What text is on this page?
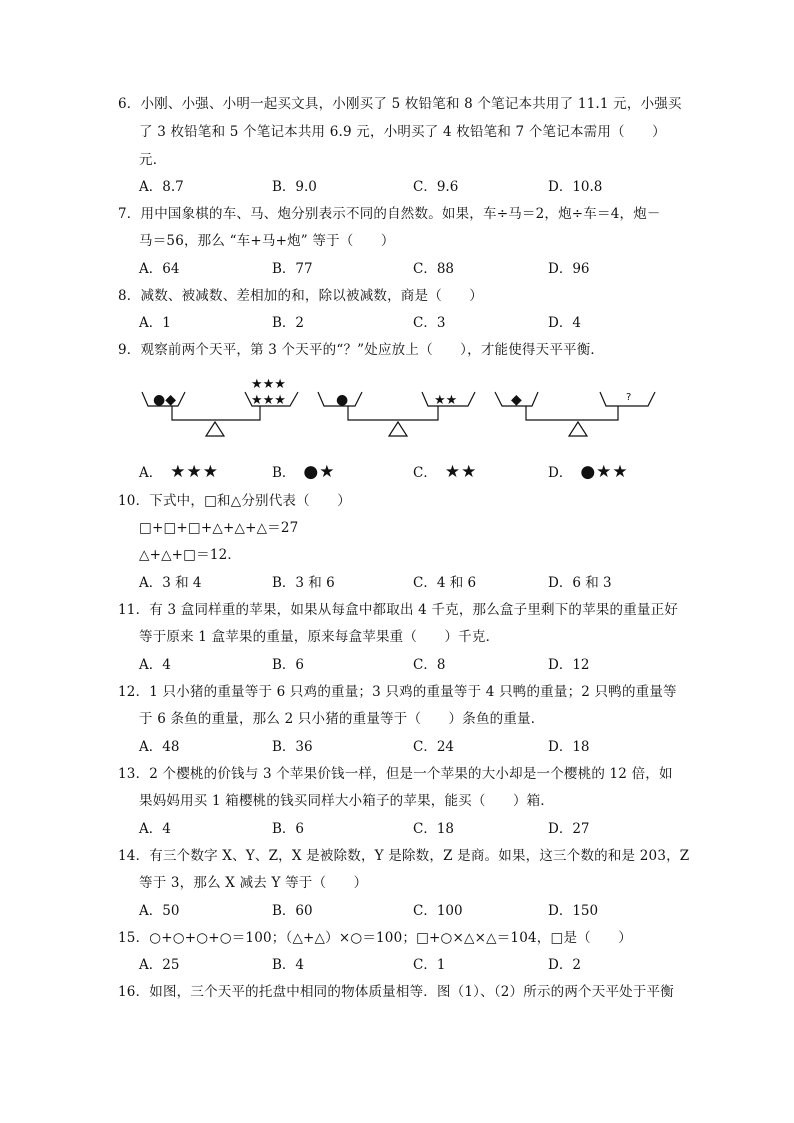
6．小刚、小强、小明一起买文具，小刚买了 5 枚铅笔和 8 个笔记本共用了 11.1 元，小强买
了 3 枚铅笔和 5 个笔记本共用 6.9 元，小明买了 4 枚铅笔和 7 个笔记本需用（　　）
元．
A．8.7	B．9.0	C．9.6	D．10.8
7．用中国象棋的车、马、炮分别表示不同的自然数。如果，车÷马＝2，炮÷车＝4，炮－
马＝56，那么 “车+马+炮” 等于（　　）
A．64	B．77	C．88	D．96
8．减数、被减数、差相加的和，除以被减数，商是（　　）
A．1	B．2	C．3	D．4
9．观察前两个天平，第 3 个天平的“？”处应放上（　　），才能使得天平平衡．
●◆
★★★
★★★	●	★★	◆	?
A． ★★★	B． ●★	C． ★★	D． ●★★
10．下式中，□和△分别代表（　　）
□+□+□+△+△+△＝27
△+△+□＝12．
A．3 和 4	B．3 和 6	C．4 和 6	D．6 和 3
11．有 3 盒同样重的苹果，如果从每盒中都取出 4 千克，那么盒子里剩下的苹果的重量正好
等于原来 1 盒苹果的重量，原来每盒苹果重（　　）千克．
A．4	B．6	C．8	D．12
12．1 只小猪的重量等于 6 只鸡的重量；3 只鸡的重量等于 4 只鸭的重量；2 只鸭的重量等
于 6 条鱼的重量，那么 2 只小猪的重量等于（　　）条鱼的重量．
A．48	B．36	C．24	D．18
13．2 个樱桃的价钱与 3 个苹果价钱一样，但是一个苹果的大小却是一个樱桃的 12 倍，如
果妈妈用买 1 箱樱桃的钱买同样大小箱子的苹果，能买（　　）箱．
A．4	B．6	C．18	D．27
14．有三个数字 X、Y、Z，X 是被除数，Y 是除数，Z 是商。如果，这三个数的和是 203，Z
等于 3，那么 X 减去 Y 等于（　　）
A．50	B．60	C．100	D．150
15．○+○+○+○＝100；（△+△）×○＝100；□+○×△×△＝104，□是（　　）
A．25	B．4	C．1	D．2
16．如图，三个天平的托盘中相同的物体质量相等．图（1）、（2）所示的两个天平处于平衡
